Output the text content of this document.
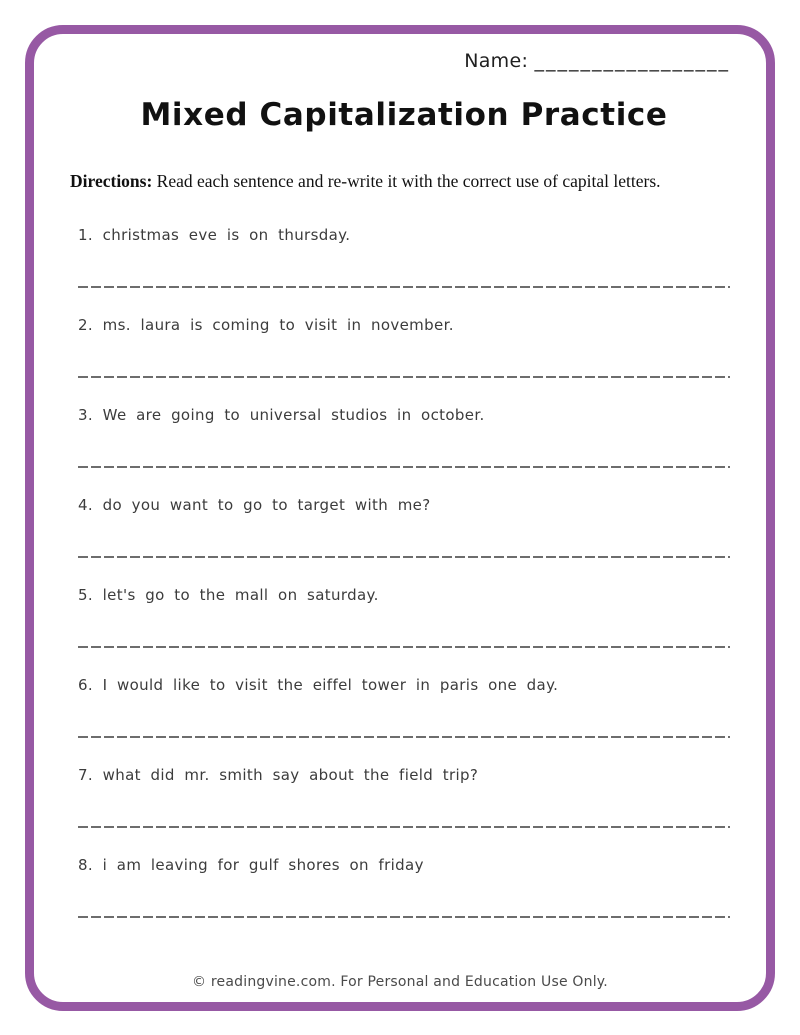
Name: _________________
Mixed Capitalization Practice
Directions: Read each sentence and re-write it with the correct use of capital letters.
1. christmas eve is on thursday.
2. ms. laura is coming to visit in november.
3. We are going to universal studios in october.
4. do you want to go to target with me?
5. let's go to the mall on saturday.
6. I would like to visit the eiffel tower in paris one day.
7. what did mr. smith say about the field trip?
8. i am leaving for gulf shores on friday
© readingvine.com. For Personal and Education Use Only.
